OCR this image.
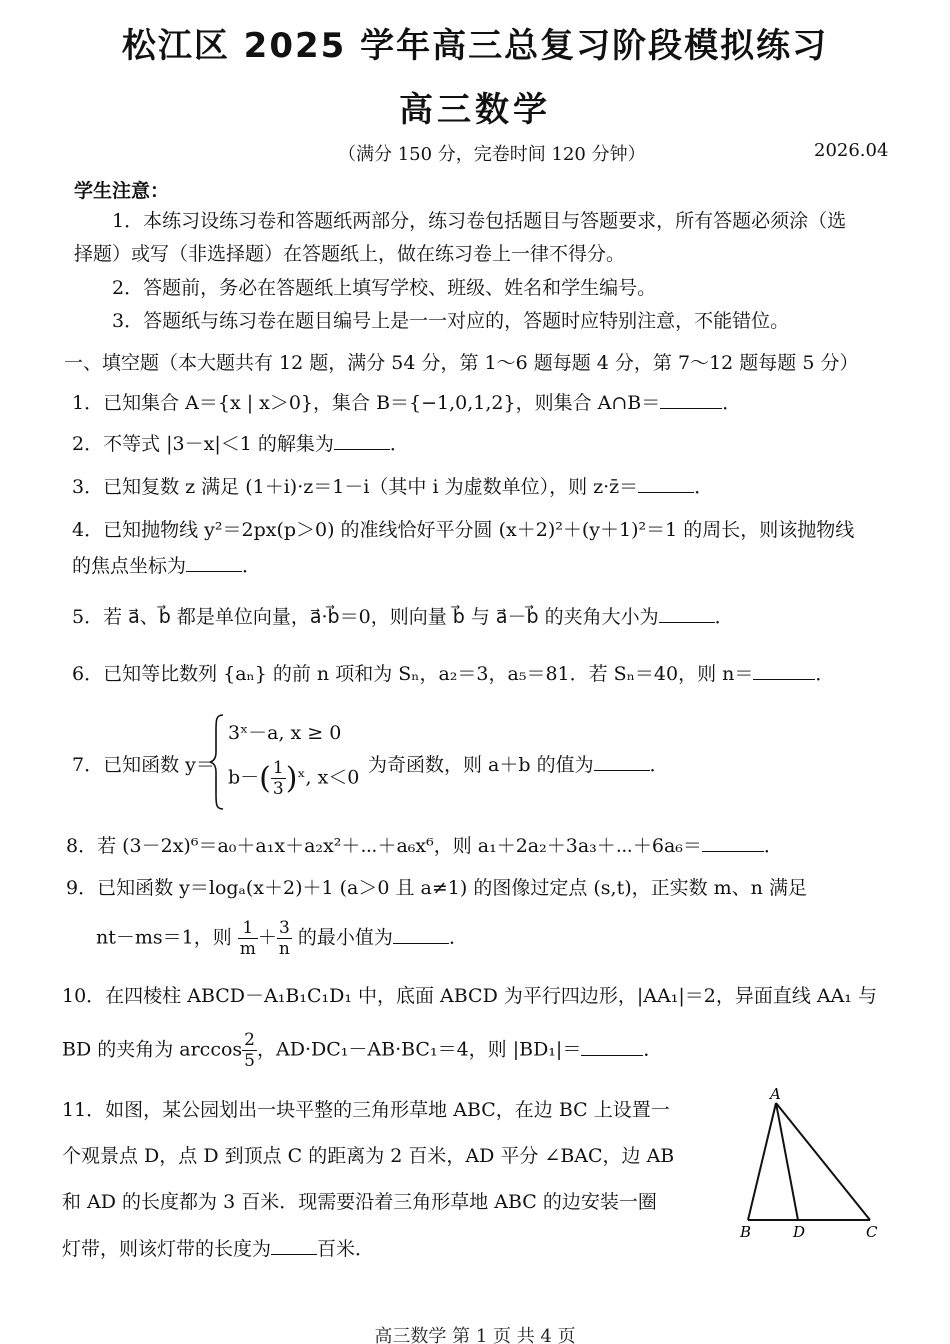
松江区 2025 学年高三总复习阶段模拟练习
高三数学
（满分 150 分，完卷时间 120 分钟）	2026.04
学生注意：
1．本练习设练习卷和答题纸两部分，练习卷包括题目与答题要求，所有答题必须涂（选
择题）或写（非选择题）在答题纸上，做在练习卷上一律不得分。
2．答题前，务必在答题纸上填写学校、班级、姓名和学生编号。
3．答题纸与练习卷在题目编号上是一一对应的，答题时应特别注意，不能错位。
一、填空题（本大题共有 12 题，满分 54 分，第 1～6 题每题 4 分，第 7～12 题每题 5 分）
1．已知集合 A＝{x | x＞0}，集合 B＝{−1,0,1,2}，则集合 A∩B＝	．
2．不等式 |3－x|＜1 的解集为	．
3．已知复数 z 满足 (1＋i)·z＝1－i（其中 i 为虚数单位），则 z·z̄＝	．
4．已知抛物线 y²＝2px(p＞0) 的准线恰好平分圆 (x＋2)²＋(y＋1)²＝1 的周长，则该抛物线
的焦点坐标为	．
5．若 a⃗、b⃗ 都是单位向量，a⃗·b⃗＝0，则向量 b⃗ 与 a⃗－b⃗ 的夹角大小为	．
6．已知等比数列 {aₙ} 的前 n 项和为 Sₙ，a₂＝3，a₅＝81．若 Sₙ＝40，则 n＝	．
7．已知函数 y＝
3ˣ－a, x ≥ 0
$b-( \frac{1}{3}$ )ˣ, x＜0
为奇函数，则 a＋b 的值为	．
8．若 (3－2x)⁶＝a₀＋a₁x＋a₂x²＋⋯＋a₆x⁶，则 a₁＋2a₂＋3a₃＋⋯＋6a₆＝	．
9．已知函数 y＝logₐ(x＋2)＋1 (a＞0 且 a≠1) 的图像过定点 (s,t)，正实数 m、n 满足
nt－ms＝1，则 $\frac{1}{m} + \frac{3}{n}$ 的最小值为	．
10．在四棱柱 ABCD－A₁B₁C₁D₁ 中，底面 ABCD 为平行四边形，|AA₁|＝2，异面直线 AA₁ 与
BD 的夹角为 $\arccos \frac{2}{5}$ ，AD·DC₁－AB·BC₁＝4，则 |BD₁|＝	．
11．如图，某公园划出一块平整的三角形草地 ABC，在边 BC 上设置一
个观景点 D，点 D 到顶点 C 的距离为 2 百米，AD 平分 ∠BAC，边 AB
和 AD 的长度都为 3 百米．现需要沿着三角形草地 ABC 的边安装一圈
灯带，则该灯带的长度为 百米．
A
B	D	C
高三数学 第 1 页 共 4 页
